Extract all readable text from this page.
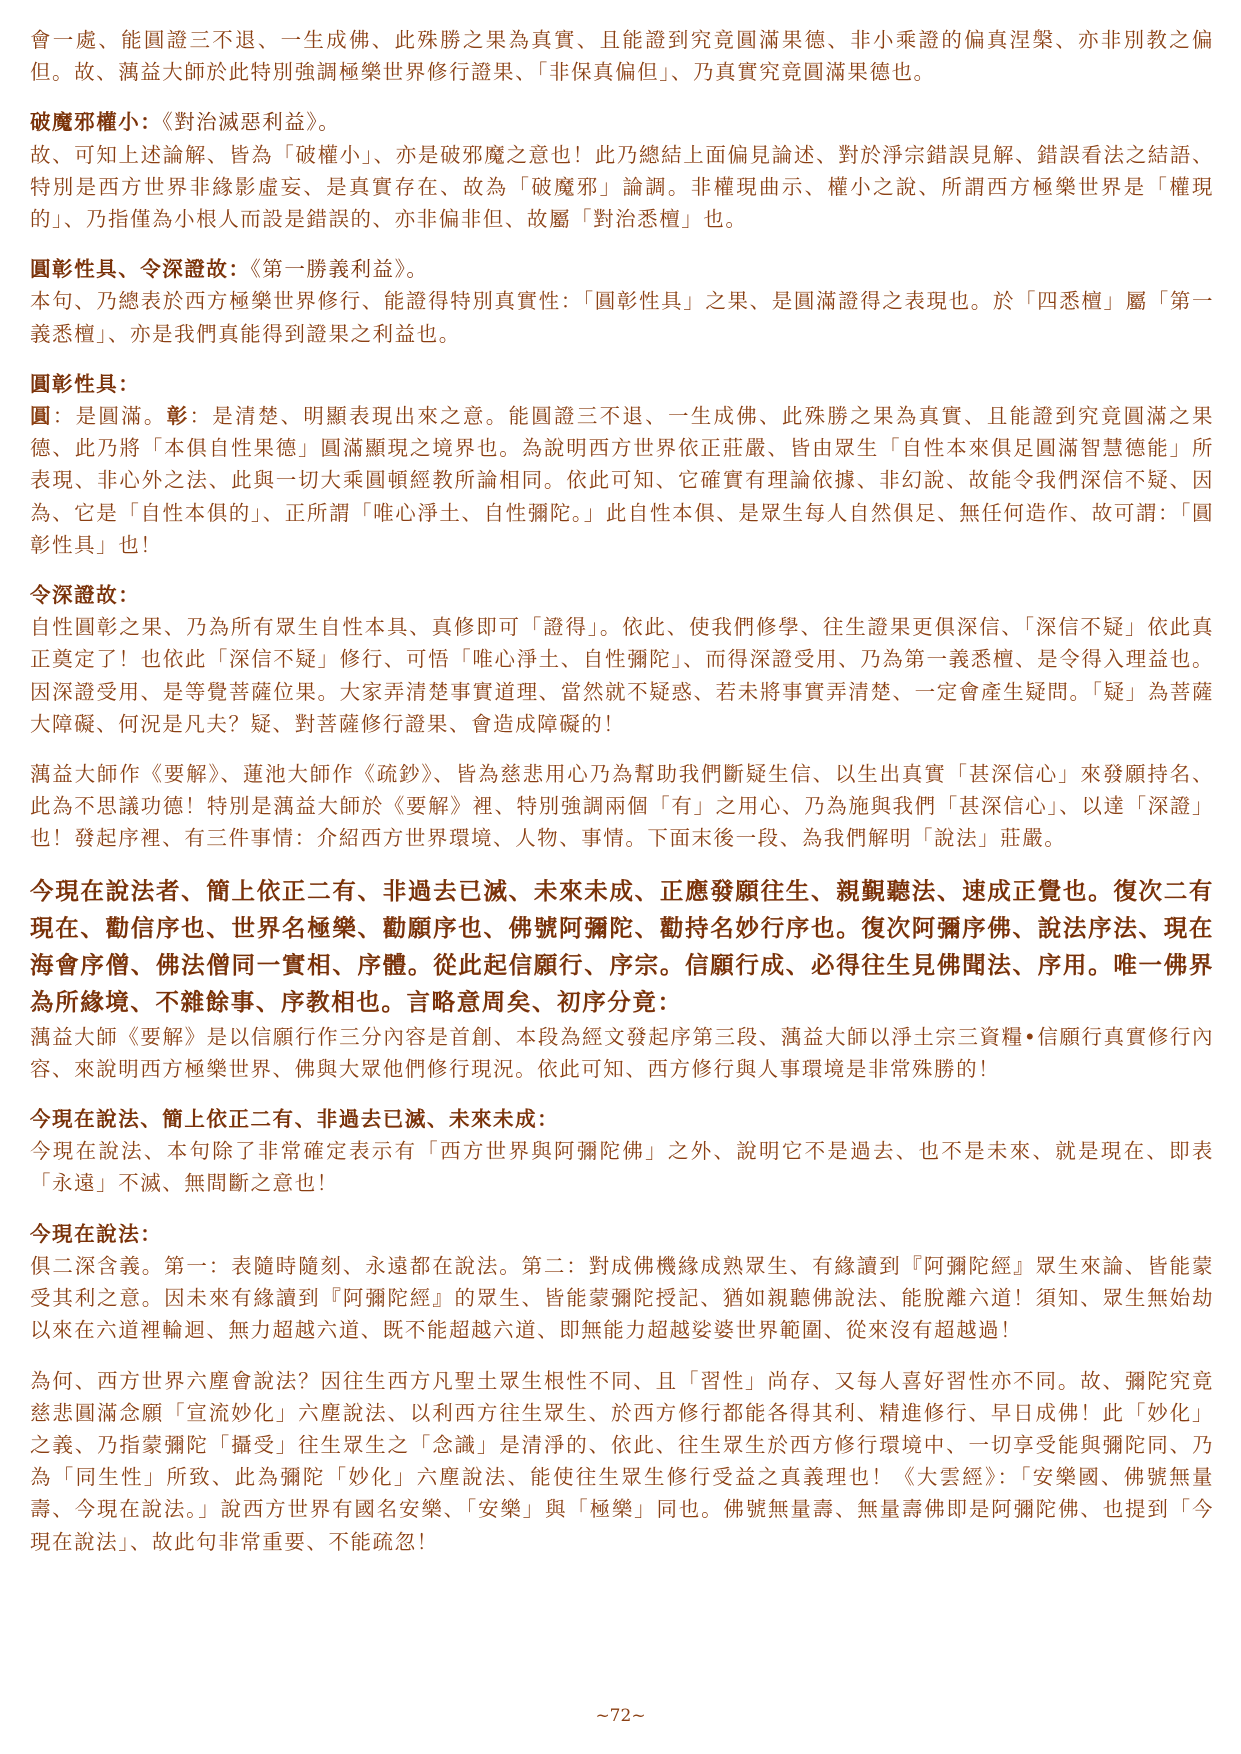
會一處、能圓證三不退、一生成佛、此殊勝之果為真實、且能證到究竟圓滿果德、非小乘證的偏真涅槃、亦非別教之偏但。故、蕅益大師於此特別強調極樂世界修行證果、「非保真偏但」、乃真實究竟圓滿果德也。

破魔邪權小：《對治滅惡利益》。

故、可知上述論解、皆為「破權小」、亦是破邪魔之意也！此乃總結上面偏見論述、對於淨宗錯誤見解、錯誤看法之結語、特別是西方世界非緣影虛妄、是真實存在、故為「破魔邪」論調。非權現曲示、權小之說、所謂西方極樂世界是「權現的」、乃指僅為小根人而設是錯誤的、亦非偏非但、故屬「對治悉檀」也。

圓彰性具、令深證故：《第一勝義利益》。

本句、乃總表於西方極樂世界修行、能證得特別真實性：「圓彰性具」之果、是圓滿證得之表現也。於「四悉檀」屬「第一義悉檀」、亦是我們真能得到證果之利益也。

圓彰性具：

圓：是圓滿。彰：是清楚、明顯表現出來之意。能圓證三不退、一生成佛、此殊勝之果為真實、且能證到究竟圓滿之果德、此乃將「本俱自性果德」圓滿顯現之境界也。為說明西方世界依正莊嚴、皆由眾生「自性本來俱足圓滿智慧德能」所表現、非心外之法、此與一切大乘圓頓經教所論相同。依此可知、它確實有理論依據、非幻說、故能令我們深信不疑、因為、它是「自性本俱的」、正所謂「唯心淨土、自性彌陀。」此自性本俱、是眾生每人自然俱足、無任何造作、故可謂：「圓彰性具」也！

令深證故：

自性圓彰之果、乃為所有眾生自性本具、真修即可「證得」。依此、使我們修學、往生證果更俱深信、「深信不疑」依此真正奠定了！也依此「深信不疑」修行、可悟「唯心淨土、自性彌陀」、而得深證受用、乃為第一義悉檀、是令得入理益也。因深證受用、是等覺菩薩位果。大家弄清楚事實道理、當然就不疑惑、若未將事實弄清楚、一定會產生疑問。「疑」為菩薩大障礙、何況是凡夫？疑、對菩薩修行證果、會造成障礙的！

蕅益大師作《要解》、蓮池大師作《疏鈔》、皆為慈悲用心乃為幫助我們斷疑生信、以生出真實「甚深信心」來發願持名、此為不思議功德！特別是蕅益大師於《要解》裡、特別強調兩個「有」之用心、乃為施與我們「甚深信心」、以達「深證」也！發起序裡、有三件事情：介紹西方世界環境、人物、事情。下面末後一段、為我們解明「說法」莊嚴。

今現在說法者、簡上依正二有、非過去已滅、未來未成、正應發願往生、親覲聽法、速成正覺也。復次二有現在、勸信序也、世界名極樂、勸願序也、佛號阿彌陀、勸持名妙行序也。復次阿彌序佛、說法序法、現在海會序僧、佛法僧同一實相、序體。從此起信願行、序宗。信願行成、必得往生見佛聞法、序用。唯一佛界為所緣境、不雜餘事、序教相也。言略意周矣、初序分竟：

蕅益大師《要解》是以信願行作三分內容是首創、本段為經文發起序第三段、蕅益大師以淨土宗三資糧•信願行真實修行內容、來說明西方極樂世界、佛與大眾他們修行現況。依此可知、西方修行與人事環境是非常殊勝的！

今現在說法、簡上依正二有、非過去已滅、未來未成：

今現在說法、本句除了非常確定表示有「西方世界與阿彌陀佛」之外、說明它不是過去、也不是未來、就是現在、即表「永遠」不滅、無間斷之意也！

今現在說法：

俱二深含義。第一：表隨時隨刻、永遠都在說法。第二：對成佛機緣成熟眾生、有緣讀到『阿彌陀經』眾生來論、皆能蒙受其利之意。因未來有緣讀到『阿彌陀經』的眾生、皆能蒙彌陀授記、猶如親聽佛說法、能脫離六道！須知、眾生無始劫以來在六道裡輪迴、無力超越六道、既不能超越六道、即無能力超越娑婆世界範圍、從來沒有超越過！

為何、西方世界六塵會說法？因往生西方凡聖土眾生根性不同、且「習性」尚存、又每人喜好習性亦不同。故、彌陀究竟慈悲圓滿念願「宣流妙化」六塵說法、以利西方往生眾生、於西方修行都能各得其利、精進修行、早日成佛！此「妙化」之義、乃指蒙彌陀「攝受」往生眾生之「念識」是清淨的、依此、往生眾生於西方修行環境中、一切享受能與彌陀同、乃為「同生性」所致、此為彌陀「妙化」六塵說法、能使往生眾生修行受益之真義理也！《大雲經》：「安樂國、佛號無量壽、今現在說法。」說西方世界有國名安樂、「安樂」與「極樂」同也。佛號無量壽、無量壽佛即是阿彌陀佛、也提到「今現在說法」、故此句非常重要、不能疏忽！

~72~
